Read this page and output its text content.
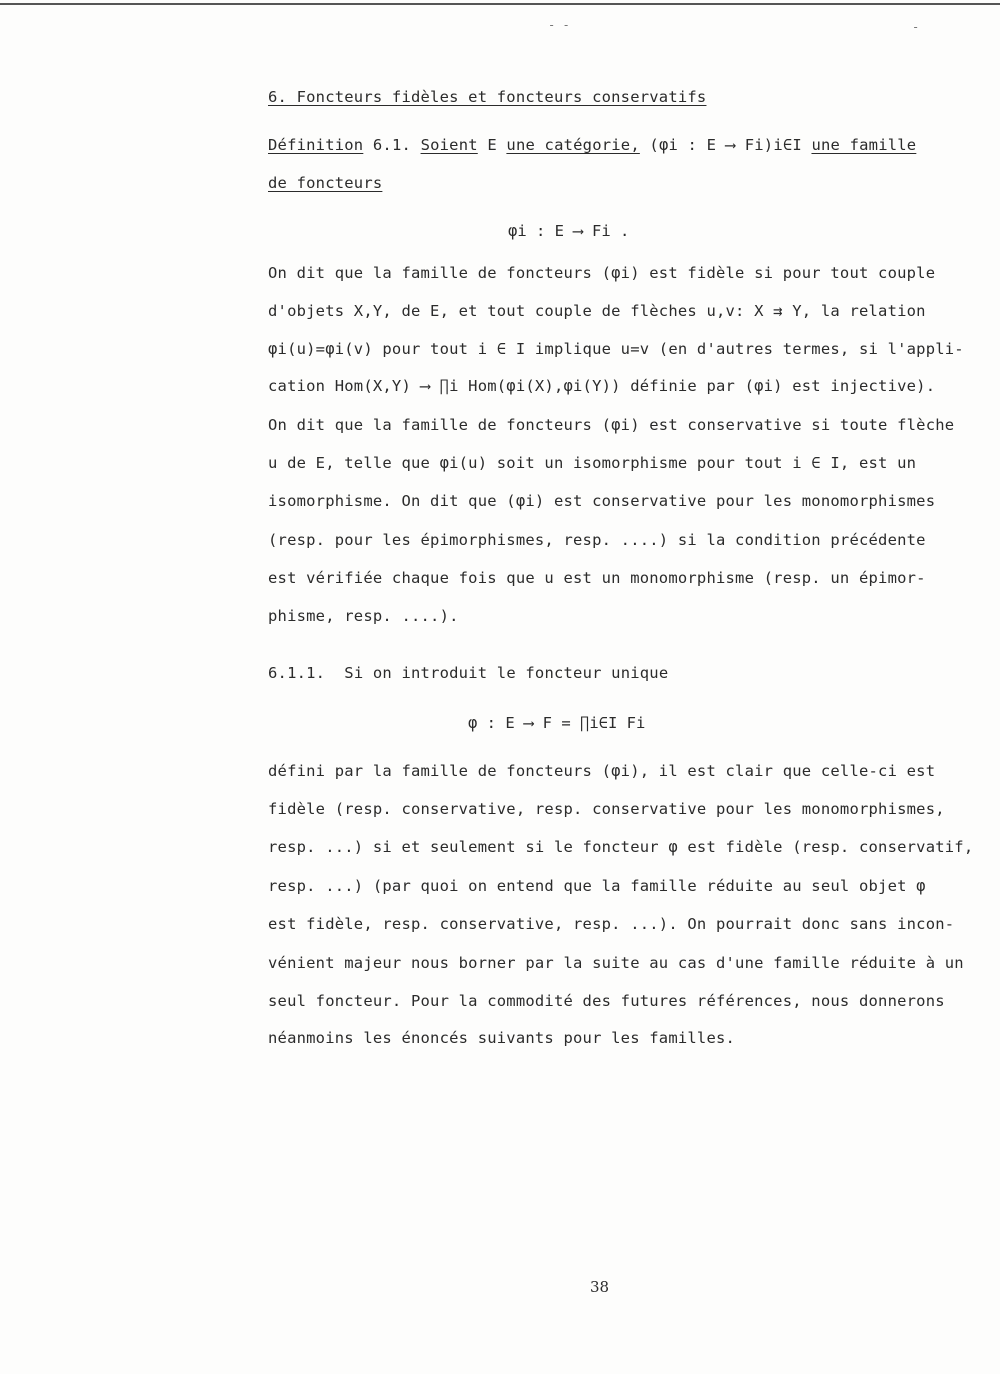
- -	-
6. Foncteurs fidèles et foncteurs conservatifs
Définition 6.1. Soient E une catégorie, (φi : E ⟶ Fi)i∈I une famille
de foncteurs
φi : E ⟶ Fi .
On dit que la famille de foncteurs (φi) est fidèle si pour tout couple
d'objets X,Y, de E, et tout couple de flèches u,v: X ⇉ Y, la relation
φi(u)=φi(v) pour tout i ∈ I implique u=v (en d'autres termes, si l'appli-
cation Hom(X,Y) ⟶ ∏i Hom(φi(X),φi(Y)) définie par (φi) est injective).
On dit que la famille de foncteurs (φi) est conservative si toute flèche
u de E, telle que φi(u) soit un isomorphisme pour tout i ∈ I, est un
isomorphisme. On dit que (φi) est conservative pour les monomorphismes
(resp. pour les épimorphismes, resp. ....) si la condition précédente
est vérifiée chaque fois que u est un monomorphisme (resp. un épimor-
phisme, resp. ....).
6.1.1. Si on introduit le foncteur unique
φ : E ⟶ F = ∏i∈I Fi
défini par la famille de foncteurs (φi), il est clair que celle-ci est
fidèle (resp. conservative, resp. conservative pour les monomorphismes,
resp. ...) si et seulement si le foncteur φ est fidèle (resp. conservatif,
resp. ...) (par quoi on entend que la famille réduite au seul objet φ
est fidèle, resp. conservative, resp. ...). On pourrait donc sans incon-
vénient majeur nous borner par la suite au cas d'une famille réduite à un
seul foncteur. Pour la commodité des futures références, nous donnerons
néanmoins les énoncés suivants pour les familles.
38
